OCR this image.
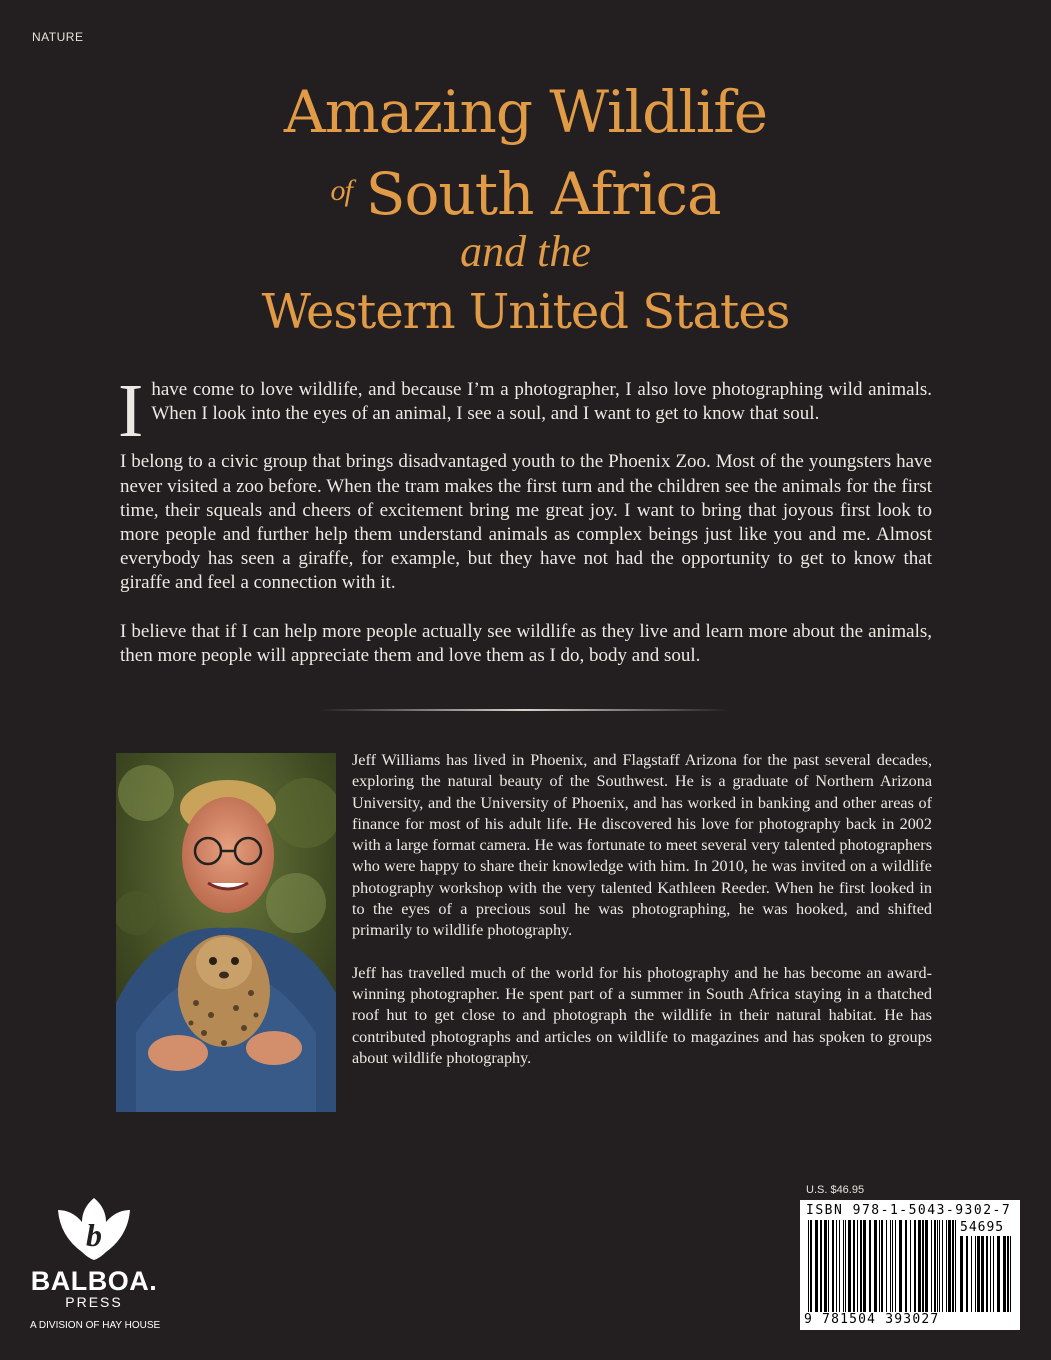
NATURE
Amazing Wildlife
$^{of}$ South Africa
and the
Western United States

Ihave come to love wildlife, and because I’m a photographer, I also love photographing wild animals. When I look into the eyes of an animal, I see a soul, and I want to get to know that soul.

I belong to a civic group that brings disadvantaged youth to the Phoenix Zoo. Most of the youngsters have never visited a zoo before. When the tram makes the first turn and the children see the animals for the first time, their squeals and cheers of excitement bring me great joy. I want to bring that joyous first look to more people and further help them understand animals as complex beings just like you and me. Almost everybody has seen a giraffe, for example, but they have not had the opportunity to get to know that giraffe and feel a connection with it.

I believe that if I can help more people actually see wildlife as they live and learn more about the animals, then more people will appreciate them and love them as I do, body and soul.

Jeff Williams has lived in Phoenix, and Flagstaff Arizona for the past several decades, exploring the natural beauty of the Southwest. He is a graduate of Northern Arizona University, and the University of Phoenix, and has worked in banking and other areas of finance for most of his adult life. He discovered his love for photography back in 2002 with a large format camera. He was fortunate to meet several very talented photographers who were happy to share their knowledge with him. In 2010, he was invited on a wildlife photography workshop with the very talented Kathleen Reeder. When he first looked in to the eyes of a precious soul he was photographing, he was hooked, and shifted primarily to wildlife photography.

Jeff has travelled much of the world for his photography and he has become an award-winning photographer. He spent part of a summer in South Africa staying in a thatched roof hut to get close to and photograph the wildlife in their natural habitat. He has contributed photographs and articles on wildlife to magazines and has spoken to groups about wildlife photography.

b
BALBOA.
PRESS
A DIVISION OF HAY HOUSE
U.S. $46.95
ISBN 978-1-5043-9302-7
54695
9 781504 393027
